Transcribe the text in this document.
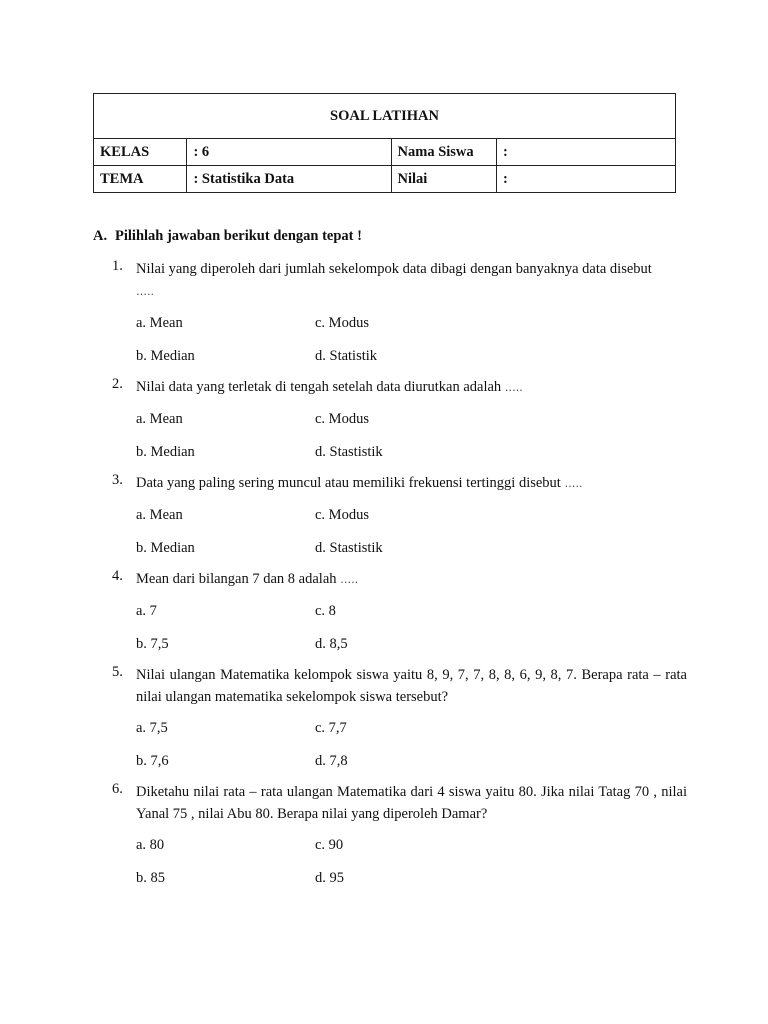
SOAL LATIHAN			
KELAS	: 6	Nama Siswa	:
TEMA	: Statistika Data	Nilai	:
A. Pilihlah jawaban berikut dengan tepat !
1. Nilai yang diperoleh dari jumlah sekelompok data dibagi dengan banyaknya data disebut
…..
a. Mean	c. Modus
b. Median	d. Statistik
2. Nilai data yang terletak di tengah setelah data diurutkan adalah …..
a. Mean	c. Modus
b. Median	d. Stastistik
3. Data yang paling sering muncul atau memiliki frekuensi tertinggi disebut …..
a. Mean	c. Modus
b. Median	d. Stastistik
4. Mean dari bilangan 7 dan 8 adalah …..
a. 7	c. 8
b. 7,5	d. 8,5
5. Nilai ulangan Matematika kelompok siswa yaitu 8, 9, 7, 7, 8, 8, 6, 9, 8, 7. Berapa rata – rata nilai ulangan matematika sekelompok siswa tersebut?
a. 7,5	c. 7,7
b. 7,6	d. 7,8
6. Diketahu nilai rata – rata ulangan Matematika dari 4 siswa yaitu 80. Jika nilai Tatag 70 , nilai Yanal 75 , nilai Abu 80. Berapa nilai yang diperoleh Damar?
a. 80	c. 90
b. 85	d. 95
